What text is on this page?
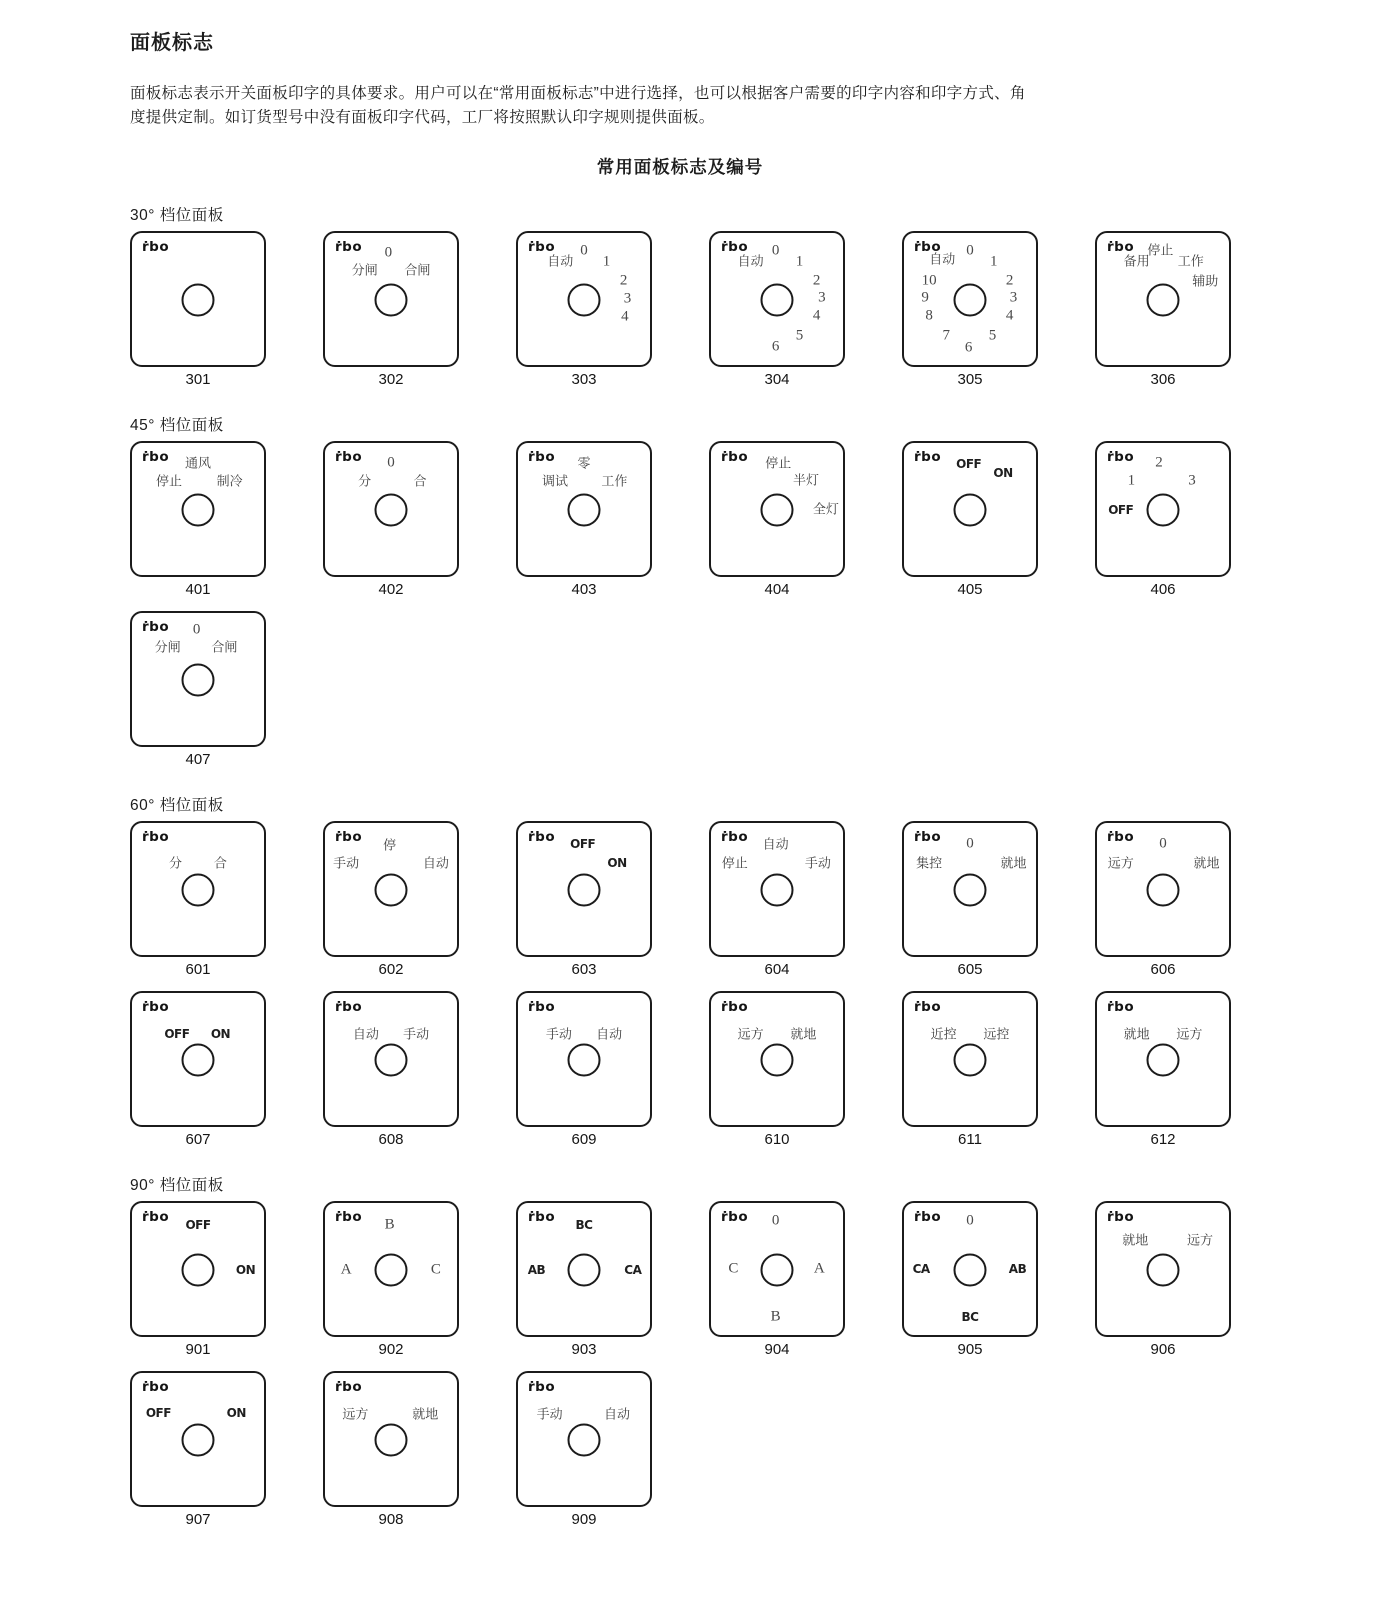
面板标志
面板标志表示开关面板印字的具体要求。用户可以在“常用面板标志”中进行选择，也可以根据客户需要的印字内容和印字方式、角
度提供定制。如订货型号中没有面板印字代码，工厂将按照默认印字规则提供面板。
常用面板标志及编号
30° 档位面板
ṙbo
301
ṙbo 0
分闸 合闸
302
ṙbo
自动
0
1
2
3
4
303
ṙbo
自动
0
1
2
3
4
5
6
304
ṙbo
自动
0
1
2
3
4
5
6
7
8
9
10
305
ṙbo
备用
停止
工作
辅助
306
45° 档位面板
ṙbo 通风
停止	制冷
401
ṙbo 0
分	合
402
ṙbo 零
调试	工作
403
ṙbo 停止
半灯
全灯
404
ṙbo OFF
ON
405
ṙbo 2
1	3
OFF
406
ṙbo 0
分闸 合闸
407
60° 档位面板
ṙbo
分 合
601
ṙbo
停
手动	自动
602
ṙbo OFF
ON
603
ṙbo 自动
停止	手动
604
ṙbo 0
集控	就地
605
ṙbo 0
远方	就地
606
ṙbo
OFF ON
607
ṙbo
自动 手动
608
ṙbo
手动 自动
609
ṙbo
远方 就地
610
ṙbo
近控 远控
611
ṙbo
就地 远方
612
90° 档位面板
ṙbo
OFF
ON
901
ṙbo B
A	C
902
ṙbo
BC
AB	CA
903
ṙbo 0
C	A
B
904
ṙbo 0
CA	AB
BC
905
ṙbo
就地	远方
906
ṙbo
OFF	ON
907
ṙbo
远方	就地
908
ṙbo
手动	自动
909
